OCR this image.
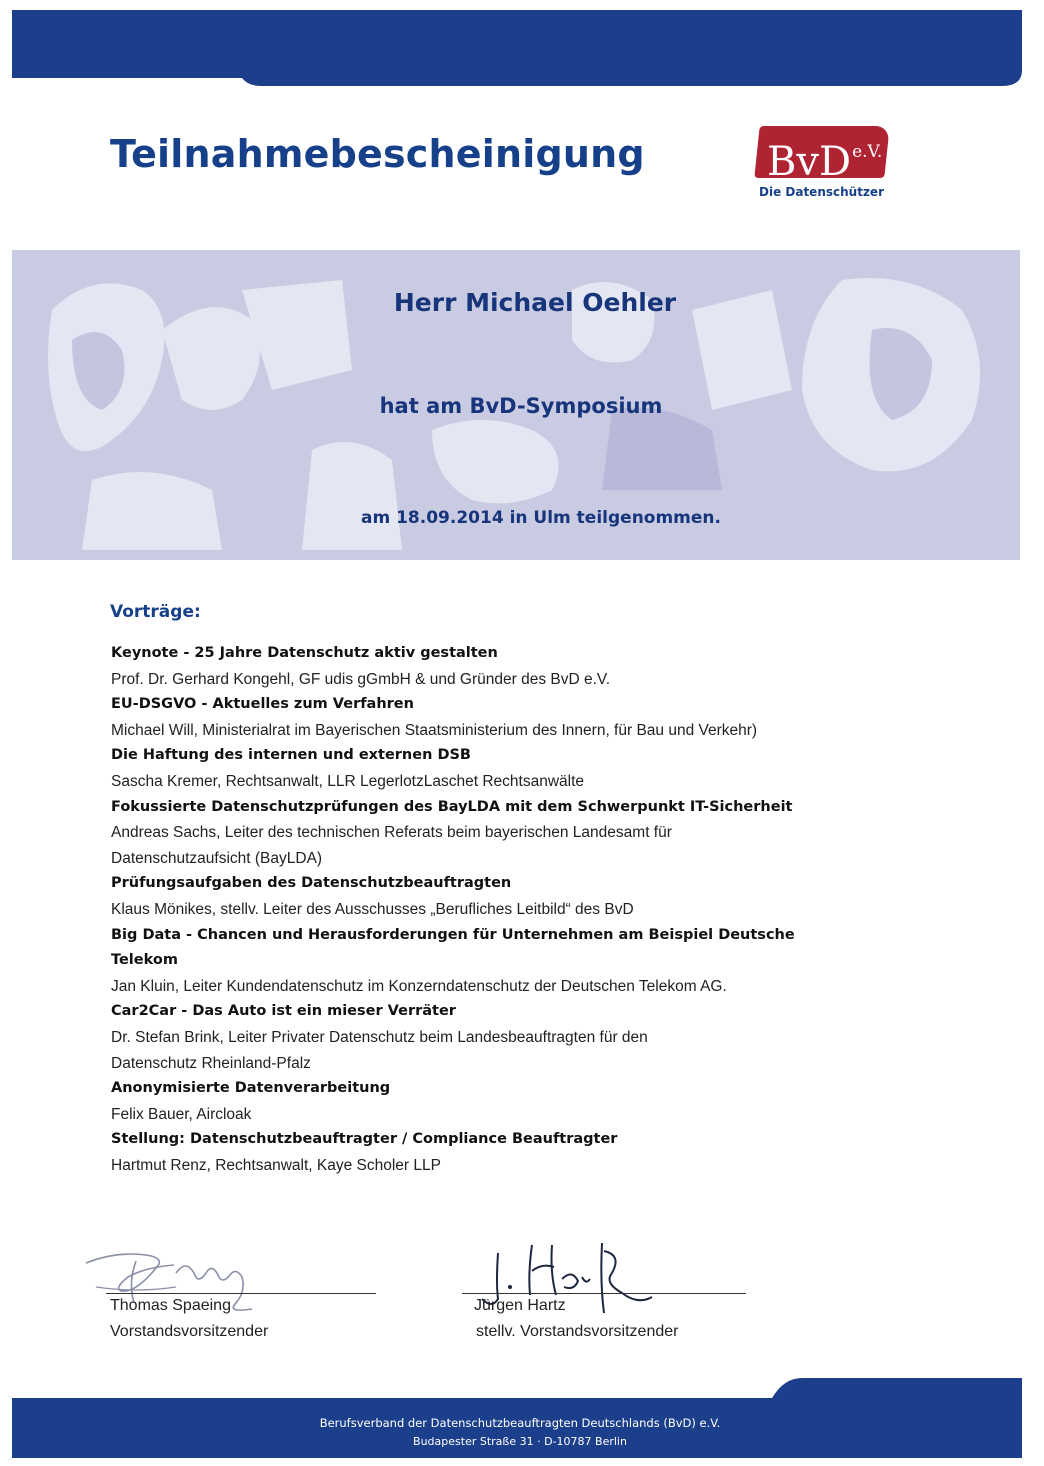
Teilnahmebescheinigung	BvD$^{e.V.}$
Die Datenschützer
Herr Michael Oehler
hat am BvD-Symposium
am 18.09.2014 in Ulm teilgenommen.
Vorträge:
Keynote - 25 Jahre Datenschutz aktiv gestalten
Prof. Dr. Gerhard Kongehl, GF udis gGmbH & und Gründer des BvD e.V.
EU-DSGVO - Aktuelles zum Verfahren
Michael Will, Ministerialrat im Bayerischen Staatsministerium des Innern, für Bau und Verkehr)
Die Haftung des internen und externen DSB
Sascha Kremer, Rechtsanwalt, LLR LegerlotzLaschet Rechtsanwälte
Fokussierte Datenschutzprüfungen des BayLDA mit dem Schwerpunkt IT-Sicherheit
Andreas Sachs, Leiter des technischen Referats beim bayerischen Landesamt für Datenschutzaufsicht (BayLDA)
Prüfungsaufgaben des Datenschutzbeauftragten
Klaus Mönikes, stellv. Leiter des Ausschusses „Berufliches Leitbild“ des BvD
Big Data - Chancen und Herausforderungen für Unternehmen am Beispiel Deutsche Telekom
Jan Kluin, Leiter Kundendatenschutz im Konzerndatenschutz der Deutschen Telekom AG.
Car2Car - Das Auto ist ein mieser Verräter
Dr. Stefan Brink, Leiter Privater Datenschutz beim Landesbeauftragten für den Datenschutz Rheinland-Pfalz
Anonymisierte Datenverarbeitung
Felix Bauer, Aircloak
Stellung: Datenschutzbeauftragter / Compliance Beauftragter
Hartmut Renz, Rechtsanwalt, Kaye Scholer LLP
Thomas Spaeing
Vorstandsvorsitzender
Jürgen Hartz
stellv. Vorstandsvorsitzender
Berufsverband der Datenschutzbeauftragten Deutschlands (BvD) e.V.
Budapester Straße 31 · D-10787 Berlin
